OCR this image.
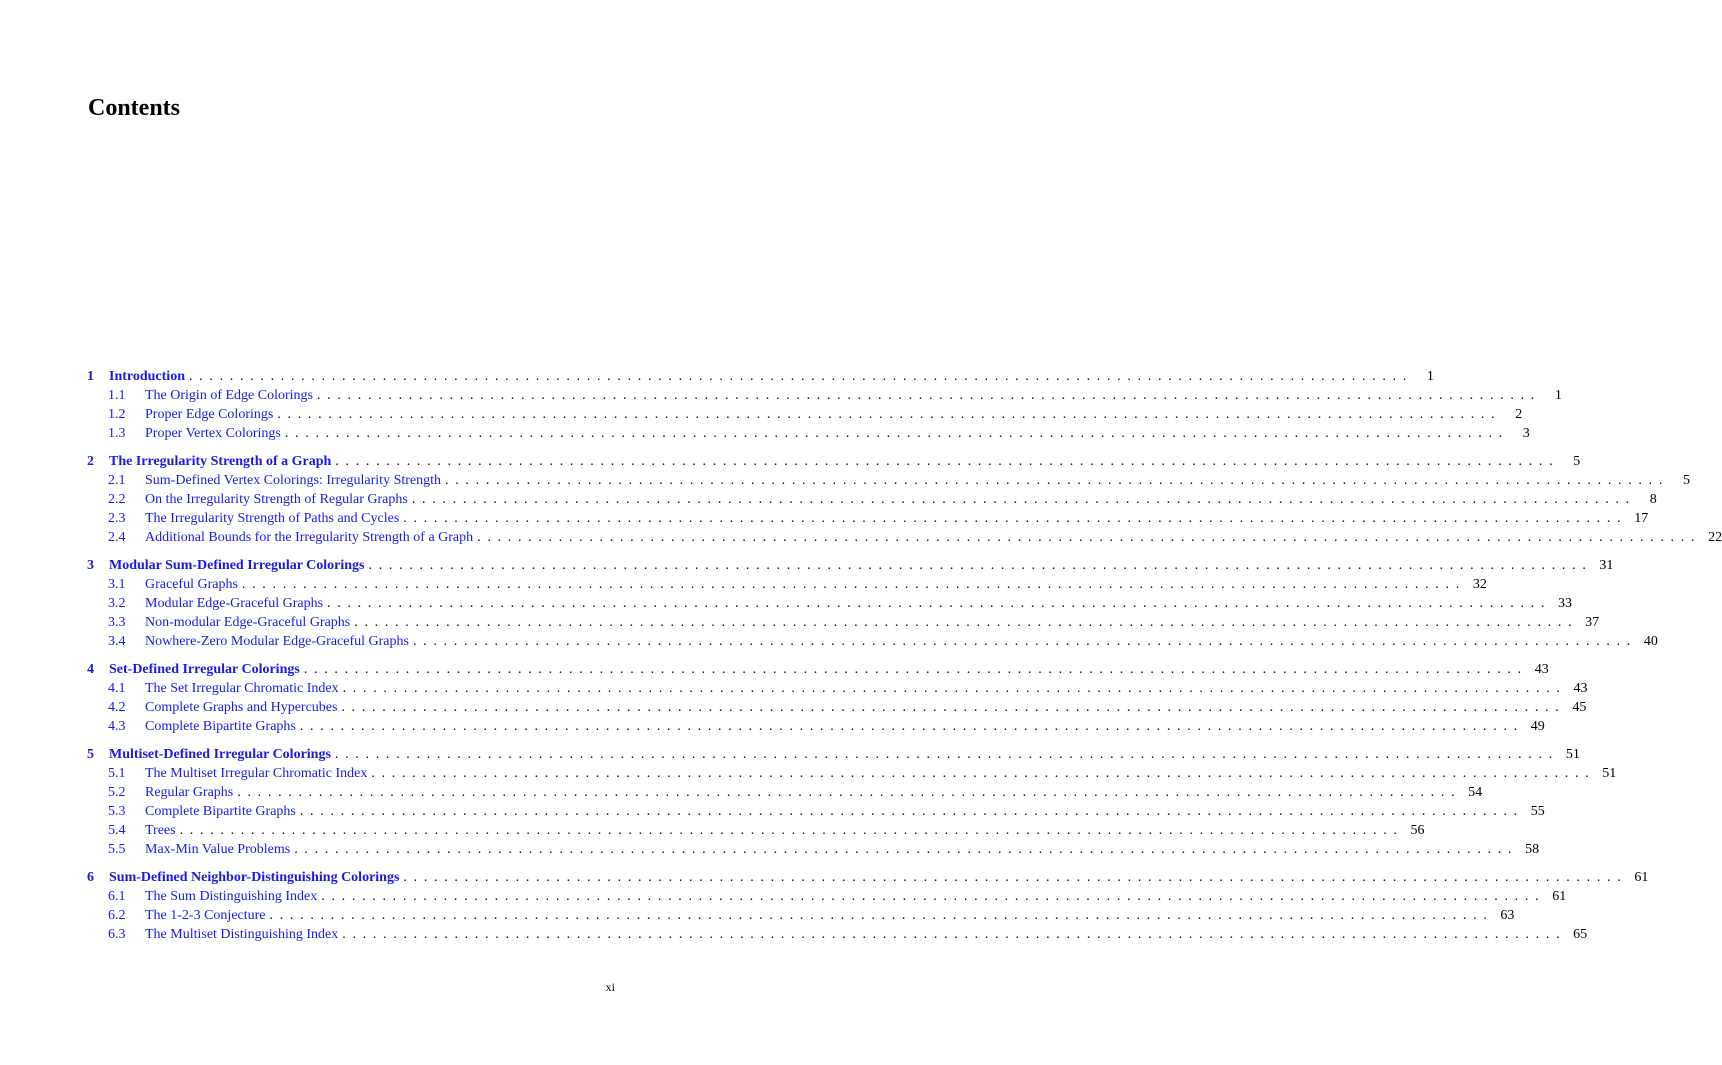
Contents
1	Introduction . . . . . . . . . . . . . . . . . . . . . . . . . . . . . . . . . . . . . . . . . . . . . . . . . . . . . . . . . . . . . . . . . . . . . . . . . . . . . . . . . . . . . . . . . . . . . . . . . . . . . . . . . . . . . . . . . . . . . . . .	1
1.1	The Origin of Edge Colorings . . . . . . . . . . . . . . . . . . . . . . . . . . . . . . . . . . . . . . . . . . . . . . . . . . . . . . . . . . . . . . . . . . . . . . . . . . . . . . . . . . . . . . . . . . . . . . . . . . . . . . . . . . . . . . . . . . . . . . . .	1
1.2	Proper Edge Colorings . . . . . . . . . . . . . . . . . . . . . . . . . . . . . . . . . . . . . . . . . . . . . . . . . . . . . . . . . . . . . . . . . . . . . . . . . . . . . . . . . . . . . . . . . . . . . . . . . . . . . . . . . . . . . . . . . . . . . . . .	2
1.3	Proper Vertex Colorings . . . . . . . . . . . . . . . . . . . . . . . . . . . . . . . . . . . . . . . . . . . . . . . . . . . . . . . . . . . . . . . . . . . . . . . . . . . . . . . . . . . . . . . . . . . . . . . . . . . . . . . . . . . . . . . . . . . . . . . .	3
2	The Irregularity Strength of a Graph . . . . . . . . . . . . . . . . . . . . . . . . . . . . . . . . . . . . . . . . . . . . . . . . . . . . . . . . . . . . . . . . . . . . . . . . . . . . . . . . . . . . . . . . . . . . . . . . . . . . . . . . . . . . . . . . . . . . . . . .	5
2.1	Sum-Defined Vertex Colorings: Irregularity Strength . . . . . . . . . . . . . . . . . . . . . . . . . . . . . . . . . . . . . . . . . . . . . . . . . . . . . . . . . . . . . . . . . . . . . . . . . . . . . . . . . . . . . . . . . . . . . . . . . . . . . . . . . . . . . . . . . . . . . . . .	5
2.2	On the Irregularity Strength of Regular Graphs . . . . . . . . . . . . . . . . . . . . . . . . . . . . . . . . . . . . . . . . . . . . . . . . . . . . . . . . . . . . . . . . . . . . . . . . . . . . . . . . . . . . . . . . . . . . . . . . . . . . . . . . . . . . . . . . . . . . . . . .	8
2.3	The Irregularity Strength of Paths and Cycles . . . . . . . . . . . . . . . . . . . . . . . . . . . . . . . . . . . . . . . . . . . . . . . . . . . . . . . . . . . . . . . . . . . . . . . . . . . . . . . . . . . . . . . . . . . . . . . . . . . . . . . . . . . . . . . . . . . . . . . . 17
2.4	Additional Bounds for the Irregularity Strength of a Graph . . . . . . . . . . . . . . . . . . . . . . . . . . . . . . . . . . . . . . . . . . . . . . . . . . . . . . . . . . . . . . . . . . . . . . . . . . . . . . . . . . . . . . . . . . . . . . . . . . . . . . . . . . . . . . . . . . . . . . . . 22
3	Modular Sum-Defined Irregular Colorings . . . . . . . . . . . . . . . . . . . . . . . . . . . . . . . . . . . . . . . . . . . . . . . . . . . . . . . . . . . . . . . . . . . . . . . . . . . . . . . . . . . . . . . . . . . . . . . . . . . . . . . . . . . . . . . . . . . . . . . . 31
3.1	Graceful Graphs . . . . . . . . . . . . . . . . . . . . . . . . . . . . . . . . . . . . . . . . . . . . . . . . . . . . . . . . . . . . . . . . . . . . . . . . . . . . . . . . . . . . . . . . . . . . . . . . . . . . . . . . . . . . . . . . . . . . . . . . 32
3.2	Modular Edge-Graceful Graphs . . . . . . . . . . . . . . . . . . . . . . . . . . . . . . . . . . . . . . . . . . . . . . . . . . . . . . . . . . . . . . . . . . . . . . . . . . . . . . . . . . . . . . . . . . . . . . . . . . . . . . . . . . . . . . . . . . . . . . . . 33
3.3	Non-modular Edge-Graceful Graphs . . . . . . . . . . . . . . . . . . . . . . . . . . . . . . . . . . . . . . . . . . . . . . . . . . . . . . . . . . . . . . . . . . . . . . . . . . . . . . . . . . . . . . . . . . . . . . . . . . . . . . . . . . . . . . . . . . . . . . . . 37
3.4	Nowhere-Zero Modular Edge-Graceful Graphs . . . . . . . . . . . . . . . . . . . . . . . . . . . . . . . . . . . . . . . . . . . . . . . . . . . . . . . . . . . . . . . . . . . . . . . . . . . . . . . . . . . . . . . . . . . . . . . . . . . . . . . . . . . . . . . . . . . . . . . . 40
4	Set-Defined Irregular Colorings . . . . . . . . . . . . . . . . . . . . . . . . . . . . . . . . . . . . . . . . . . . . . . . . . . . . . . . . . . . . . . . . . . . . . . . . . . . . . . . . . . . . . . . . . . . . . . . . . . . . . . . . . . . . . . . . . . . . . . . . 43
4.1	The Set Irregular Chromatic Index . . . . . . . . . . . . . . . . . . . . . . . . . . . . . . . . . . . . . . . . . . . . . . . . . . . . . . . . . . . . . . . . . . . . . . . . . . . . . . . . . . . . . . . . . . . . . . . . . . . . . . . . . . . . . . . . . . . . . . . . 43
4.2	Complete Graphs and Hypercubes . . . . . . . . . . . . . . . . . . . . . . . . . . . . . . . . . . . . . . . . . . . . . . . . . . . . . . . . . . . . . . . . . . . . . . . . . . . . . . . . . . . . . . . . . . . . . . . . . . . . . . . . . . . . . . . . . . . . . . . . 45
4.3	Complete Bipartite Graphs . . . . . . . . . . . . . . . . . . . . . . . . . . . . . . . . . . . . . . . . . . . . . . . . . . . . . . . . . . . . . . . . . . . . . . . . . . . . . . . . . . . . . . . . . . . . . . . . . . . . . . . . . . . . . . . . . . . . . . . . 49
5	Multiset-Defined Irregular Colorings . . . . . . . . . . . . . . . . . . . . . . . . . . . . . . . . . . . . . . . . . . . . . . . . . . . . . . . . . . . . . . . . . . . . . . . . . . . . . . . . . . . . . . . . . . . . . . . . . . . . . . . . . . . . . . . . . . . . . . . . 51
5.1	The Multiset Irregular Chromatic Index . . . . . . . . . . . . . . . . . . . . . . . . . . . . . . . . . . . . . . . . . . . . . . . . . . . . . . . . . . . . . . . . . . . . . . . . . . . . . . . . . . . . . . . . . . . . . . . . . . . . . . . . . . . . . . . . . . . . . . . . 51
5.2	Regular Graphs . . . . . . . . . . . . . . . . . . . . . . . . . . . . . . . . . . . . . . . . . . . . . . . . . . . . . . . . . . . . . . . . . . . . . . . . . . . . . . . . . . . . . . . . . . . . . . . . . . . . . . . . . . . . . . . . . . . . . . . . 54
5.3	Complete Bipartite Graphs . . . . . . . . . . . . . . . . . . . . . . . . . . . . . . . . . . . . . . . . . . . . . . . . . . . . . . . . . . . . . . . . . . . . . . . . . . . . . . . . . . . . . . . . . . . . . . . . . . . . . . . . . . . . . . . . . . . . . . . . 55
5.4	Trees . . . . . . . . . . . . . . . . . . . . . . . . . . . . . . . . . . . . . . . . . . . . . . . . . . . . . . . . . . . . . . . . . . . . . . . . . . . . . . . . . . . . . . . . . . . . . . . . . . . . . . . . . . . . . . . . . . . . . . . . 56
5.5	Max-Min Value Problems . . . . . . . . . . . . . . . . . . . . . . . . . . . . . . . . . . . . . . . . . . . . . . . . . . . . . . . . . . . . . . . . . . . . . . . . . . . . . . . . . . . . . . . . . . . . . . . . . . . . . . . . . . . . . . . . . . . . . . . . 58
6	Sum-Defined Neighbor-Distinguishing Colorings . . . . . . . . . . . . . . . . . . . . . . . . . . . . . . . . . . . . . . . . . . . . . . . . . . . . . . . . . . . . . . . . . . . . . . . . . . . . . . . . . . . . . . . . . . . . . . . . . . . . . . . . . . . . . . . . . . . . . . . . 61
6.1	The Sum Distinguishing Index . . . . . . . . . . . . . . . . . . . . . . . . . . . . . . . . . . . . . . . . . . . . . . . . . . . . . . . . . . . . . . . . . . . . . . . . . . . . . . . . . . . . . . . . . . . . . . . . . . . . . . . . . . . . . . . . . . . . . . . . 61
6.2	The 1-2-3 Conjecture . . . . . . . . . . . . . . . . . . . . . . . . . . . . . . . . . . . . . . . . . . . . . . . . . . . . . . . . . . . . . . . . . . . . . . . . . . . . . . . . . . . . . . . . . . . . . . . . . . . . . . . . . . . . . . . . . . . . . . . . 63
6.3	The Multiset Distinguishing Index . . . . . . . . . . . . . . . . . . . . . . . . . . . . . . . . . . . . . . . . . . . . . . . . . . . . . . . . . . . . . . . . . . . . . . . . . . . . . . . . . . . . . . . . . . . . . . . . . . . . . . . . . . . . . . . . . . . . . . . . 65
xi
